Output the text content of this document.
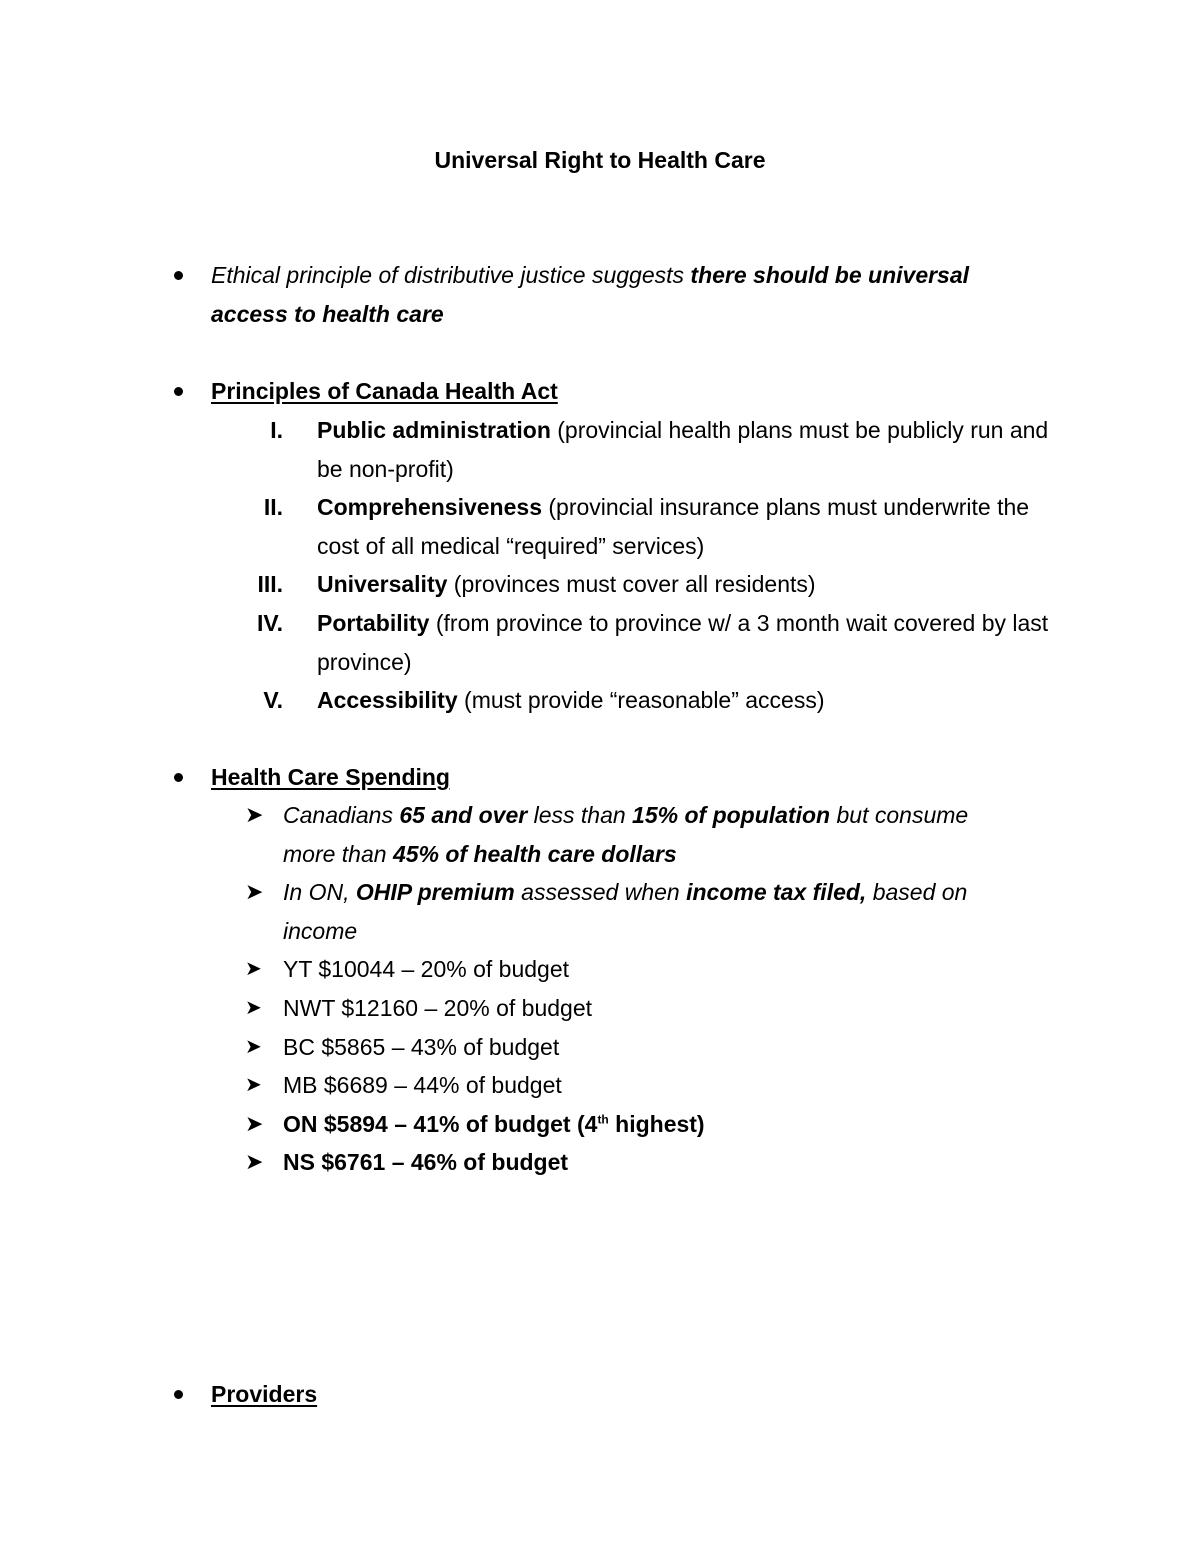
Universal Right to Health Care
Ethical principle of distributive justice suggests there should be universal access to health care
Principles of Canada Health Act
I. Public administration (provincial health plans must be publicly run and be non-profit)
II. Comprehensiveness (provincial insurance plans must underwrite the cost of all medical “required” services)
III. Universality (provinces must cover all residents)
IV. Portability (from province to province w/ a 3 month wait covered by last province)
V. Accessibility (must provide “reasonable” access)
Health Care Spending
➤ Canadians 65 and over less than 15% of population but consume more than 45% of health care dollars
➤ In ON, OHIP premium assessed when income tax filed, based on income
➤ YT $10044 – 20% of budget
➤ NWT $12160 – 20% of budget
➤ BC $5865 – 43% of budget
➤ MB $6689 – 44% of budget
➤ ON $5894 – 41% of budget (4th highest)
➤ NS $6761 – 46% of budget
Providers
